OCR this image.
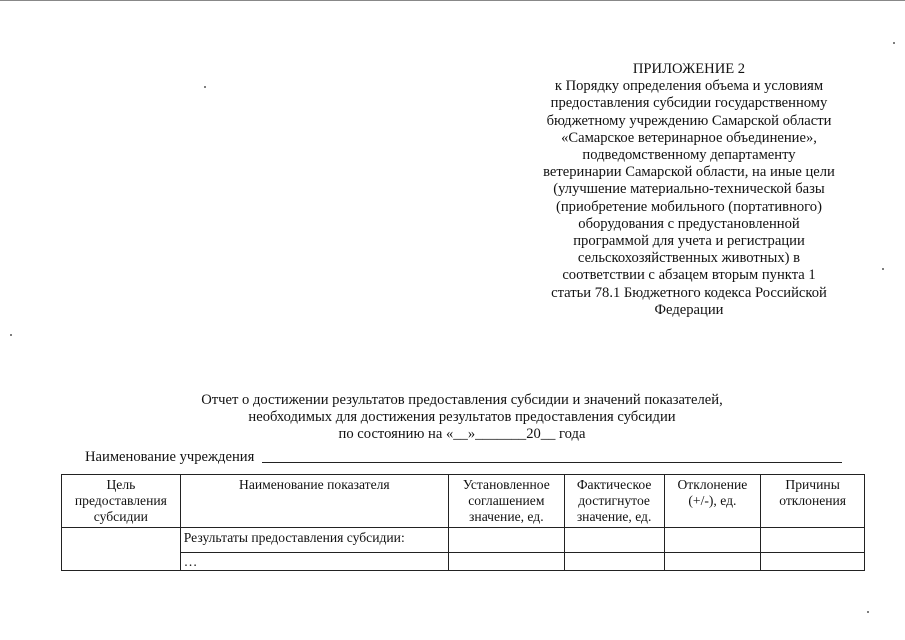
ПРИЛОЖЕНИЕ 2
к Порядку определения объема и условиям
предоставления субсидии государственному
бюджетному учреждению Самарской области
«Самарское ветеринарное объединение»,
подведомственному департаменту
ветеринарии Самарской области, на иные цели
(улучшение материально-технической базы
(приобретение мобильного (портативного)
оборудования с предустановленной
программой для учета и регистрации
сельскохозяйственных животных) в
соответствии с абзацем вторым пункта 1
статьи 78.1 Бюджетного кодекса Российской
Федерации
Отчет о достижении результатов предоставления субсидии и значений показателей,
необходимых для достижения результатов предоставления субсидии
по состоянию на «__»_______20__ года
Наименование учреждения
Цель предоставления субсидии	Наименование показателя	Установленное соглашением значение, ед.	Фактическое достигнутое значение, ед.	Отклонение (+/-), ед.	Причины отклонения
	Результаты предоставления субсидии:				
	…				
